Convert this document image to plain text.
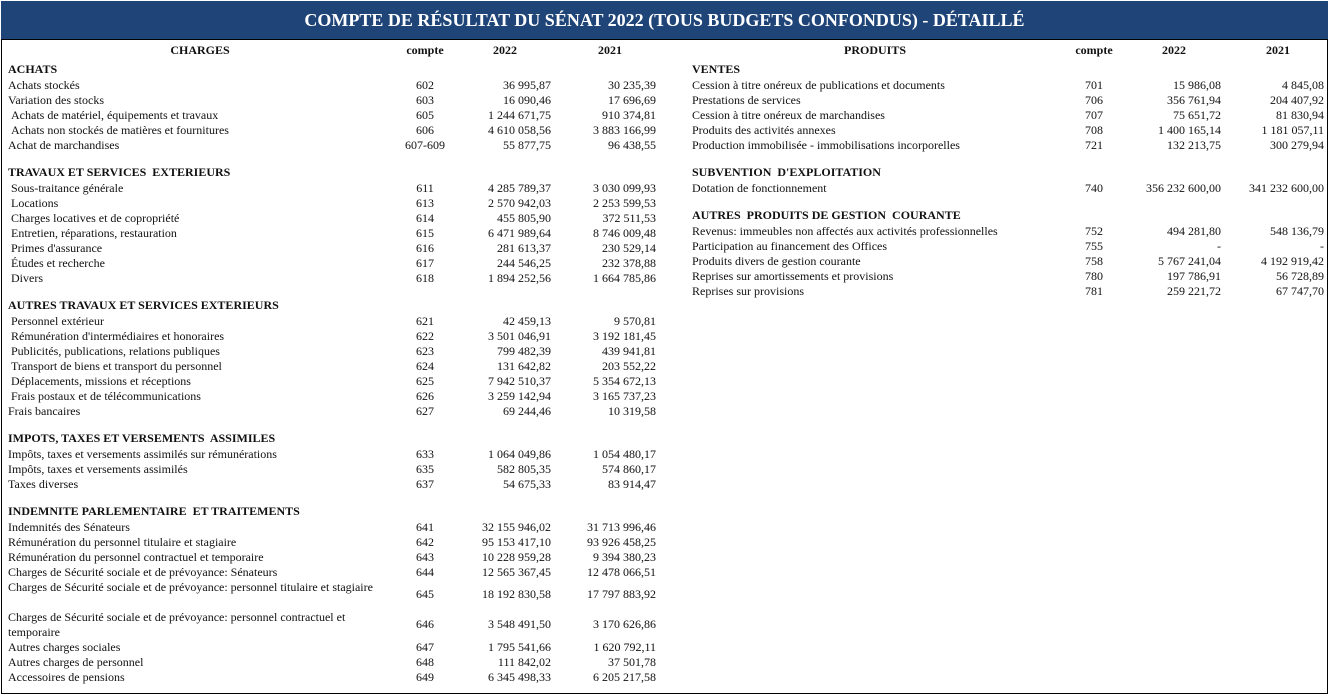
COMPTE DE RÉSULTAT DU SÉNAT 2022 (TOUS BUDGETS CONFONDUS) - DÉTAILLÉ
CHARGES	compte	2022	2021
ACHATS
Achats stockés	602	36 995,87	30 235,39
Variation des stocks	603	16 090,46	17 696,69
Achats de matériel, équipements et travaux	605	1 244 671,75	910 374,81
Achats non stockés de matières et fournitures	606	4 610 058,56	3 883 166,99
Achat de marchandises	607-609	55 877,75	96 438,55
TRAVAUX ET SERVICES  EXTERIEURS
Sous-traitance générale	611	4 285 789,37	3 030 099,93
Locations	613	2 570 942,03	2 253 599,53
Charges locatives et de copropriété	614	455 805,90	372 511,53
Entretien, réparations, restauration	615	6 471 989,64	8 746 009,48
Primes d'assurance	616	281 613,37	230 529,14
Études et recherche	617	244 546,25	232 378,88
Divers	618	1 894 252,56	1 664 785,86
AUTRES TRAVAUX ET SERVICES EXTERIEURS
Personnel extérieur	621	42 459,13	9 570,81
Rémunération d'intermédiaires et honoraires	622	3 501 046,91	3 192 181,45
Publicités, publications, relations publiques	623	799 482,39	439 941,81
Transport de biens et transport du personnel	624	131 642,82	203 552,22
Déplacements, missions et réceptions	625	7 942 510,37	5 354 672,13
Frais postaux et de télécommunications	626	3 259 142,94	3 165 737,23
Frais bancaires	627	69 244,46	10 319,58
IMPOTS, TAXES ET VERSEMENTS  ASSIMILES
Impôts, taxes et versements assimilés sur rémunérations	633	1 064 049,86	1 054 480,17
Impôts, taxes et versements assimilés	635	582 805,35	574 860,17
Taxes diverses	637	54 675,33	83 914,47
INDEMNITE PARLEMENTAIRE  ET TRAITEMENTS
Indemnités des Sénateurs	641	32 155 946,02	31 713 996,46
Rémunération du personnel titulaire et stagiaire	642	95 153 417,10	93 926 458,25
Rémunération du personnel contractuel et temporaire	643	10 228 959,28	9 394 380,23
Charges de Sécurité sociale et de prévoyance: Sénateurs	644	12 565 367,45	12 478 066,51
Charges de Sécurité sociale et de prévoyance: personnel titulaire et stagiaire	645	18 192 830,58	17 797 883,92
Charges de Sécurité sociale et de prévoyance: personnel contractuel et temporaire
646	3 548 491,50	3 170 626,86
Autres charges sociales	647	1 795 541,66	1 620 792,11
Autres charges de personnel	648	111 842,02	37 501,78
Accessoires de pensions	649	6 345 498,33	6 205 217,58
PRODUITS	compte	2022	2021
VENTES
Cession à titre onéreux de publications et documents	701	15 986,08	4 845,08
Prestations de services	706	356 761,94	204 407,92
Cession à titre onéreux de marchandises	707	75 651,72	81 830,94
Produits des activités annexes	708	1 400 165,14	1 181 057,11
Production immobilisée - immobilisations incorporelles	721	132 213,75	300 279,94
SUBVENTION  D'EXPLOITATION
Dotation de fonctionnement	740	356 232 600,00	341 232 600,00
AUTRES  PRODUITS DE GESTION  COURANTE
Revenus: immeubles non affectés aux activités professionnelles	752	494 281,80	548 136,79
Participation au financement des Offices	755	-	-
Produits divers de gestion courante	758	5 767 241,04	4 192 919,42
Reprises sur amortissements et provisions	780	197 786,91	56 728,89
Reprises sur provisions	781	259 221,72	67 747,70
